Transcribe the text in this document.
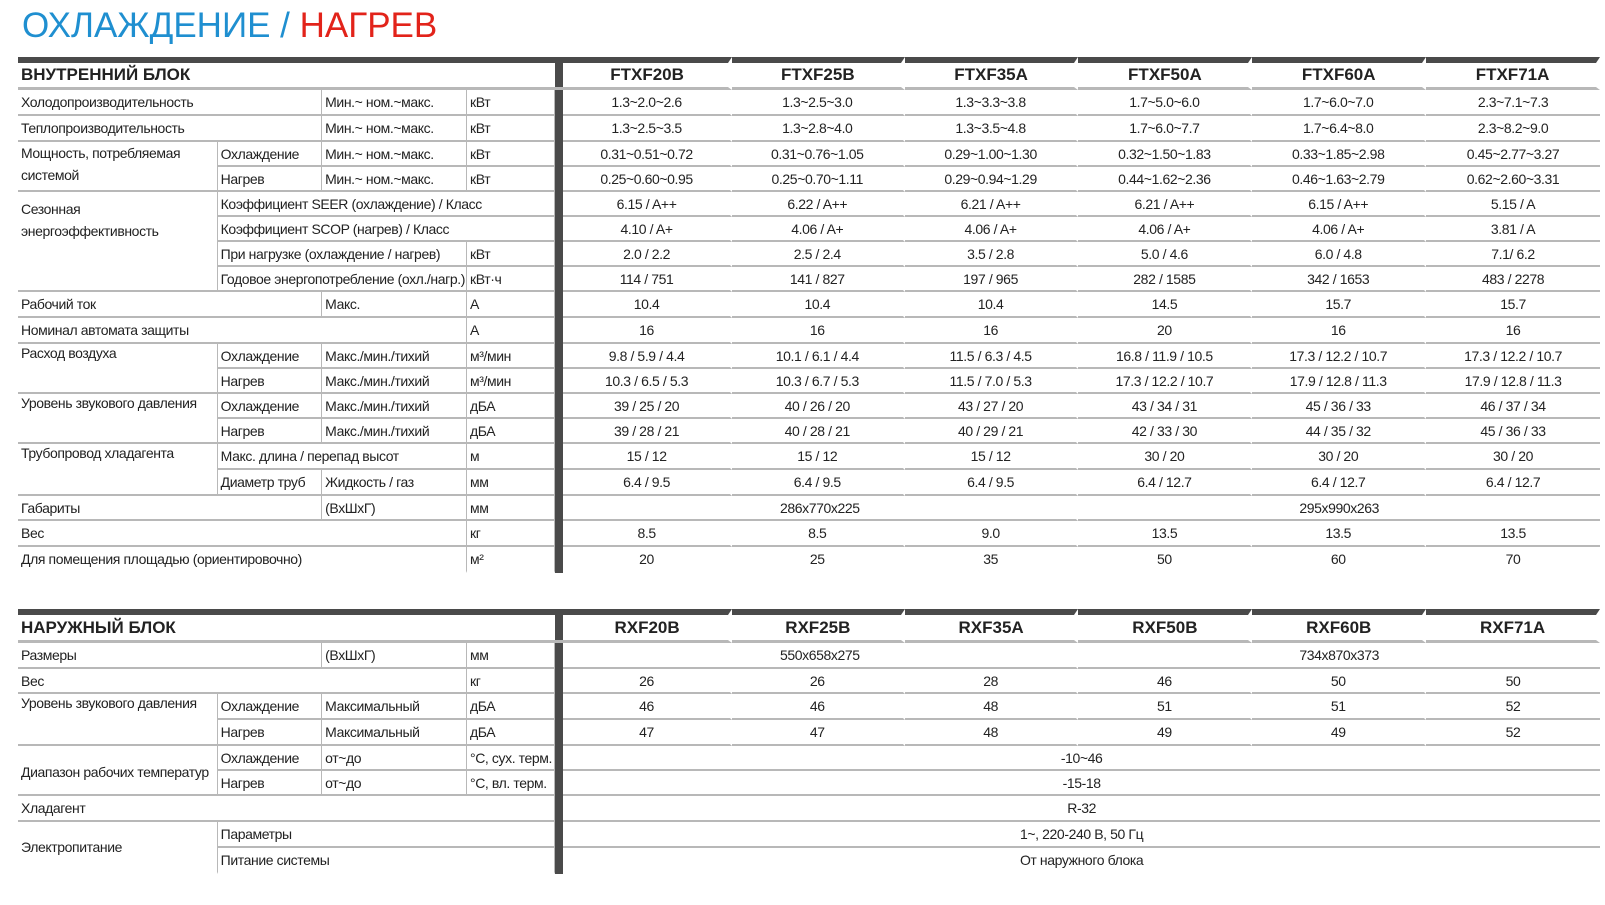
ОХЛАЖДЕНИЕ / НАГРЕВ
ВНУТРЕННИЙ БЛОК					FTXF20B	FTXF25B	FTXF35A	FTXF50A	FTXF60A	FTXF71A
Холодопроизводительность		Мин.~ ном.~макс.	кВт		1.3~2.0~2.6	1.3~2.5~3.0	1.3~3.3~3.8	1.7~5.0~6.0	1.7~6.0~7.0	2.3~7.1~7.3
Теплопроизводительность		Мин.~ ном.~макс.	кВт		1.3~2.5~3.5	1.3~2.8~4.0	1.3~3.5~4.8	1.7~6.0~7.7	1.7~6.4~8.0	2.3~8.2~9.0
Мощность, потребляемая системой	Охлаждение	Мин.~ ном.~макс.	кВт		0.31~0.51~0.72	0.31~0.76~1.05	0.29~1.00~1.30	0.32~1.50~1.83	0.33~1.85~2.98	0.45~2.77~3.27
	Нагрев	Мин.~ ном.~макс.	кВт		0.25~0.60~0.95	0.25~0.70~1.11	0.29~0.94~1.29	0.44~1.62~2.36	0.46~1.63~2.79	0.62~2.60~3.31
Сезонная энергоэффективность	Коэффициент SEER (охлаждение) / Класс				6.15 / A++	6.22 / A++	6.21 / A++	6.21 / A++	6.15 / A++	5.15 / A
	Коэффициент SCOP (нагрев) / Класс				4.10 / A+	4.06 / A+	4.06 / A+	4.06 / A+	4.06 / A+	3.81 / A
	При нагрузке (охлаждение / нагрев)		кВт		2.0 / 2.2	2.5 / 2.4	3.5 / 2.8	5.0 / 4.6	6.0 / 4.8	7.1/ 6.2
	Годовое энергопотребление (охл./нагр.)		кВт·ч		114 / 751	141 / 827	197 / 965	282 / 1585	342 / 1653	483 / 2278
Рабочий ток		Макс.	А		10.4	10.4	10.4	14.5	15.7	15.7
Номинал автомата защиты			А		16	16	16	20	16	16
Расход воздуха	Охлаждение	Макс./мин./тихий	м³/мин		9.8 / 5.9 / 4.4	10.1 / 6.1 / 4.4	11.5 / 6.3 / 4.5	16.8 / 11.9 / 10.5	17.3 / 12.2 / 10.7	17.3 / 12.2 / 10.7
	Нагрев	Макс./мин./тихий	м³/мин		10.3 / 6.5 / 5.3	10.3 / 6.7 / 5.3	11.5 / 7.0 / 5.3	17.3 / 12.2 / 10.7	17.9 / 12.8 / 11.3	17.9 / 12.8 / 11.3
Уровень звукового давления	Охлаждение	Макс./мин./тихий	дБА		39 / 25 / 20	40 / 26 / 20	43 / 27 / 20	43 / 34 / 31	45 / 36 / 33	46 / 37 / 34
	Нагрев	Макс./мин./тихий	дБА		39 / 28 / 21	40 / 28 / 21	40 / 29 / 21	42 / 33 / 30	44 / 35 / 32	45 / 36 / 33
Трубопровод хладагента	Макс. длина / перепад высот		м		15 / 12	15 / 12	15 / 12	30 / 20	30 / 20	30 / 20
	Диаметр труб	Жидкость / газ	мм		6.4 / 9.5	6.4 / 9.5	6.4 / 9.5	6.4 / 12.7	6.4 / 12.7	6.4 / 12.7
Габариты		(ВхШхГ)	мм		286x770x225			295x990x263		
Вес			кг		8.5	8.5	9.0	13.5	13.5	13.5
Для помещения площадью (ориентировочно)			м²		20	25	35	50	60	70
НАРУЖНЫЙ БЛОК					RXF20B	RXF25B	RXF35A	RXF50B	RXF60B	RXF71A
Размеры		(ВхШхГ)	мм		550x658x275			734x870x373		
Вес			кг		26	26	28	46	50	50
Уровень звукового давления	Охлаждение	Максимальный	дБА		46	46	48	51	51	52
	Нагрев	Максимальный	дБА		47	47	48	49	49	52
Диапазон рабочих температур	Охлаждение	от~до	°С, сух. терм.		-10~46					
	Нагрев	от~до	°С, вл. терм.		-15-18					
Хладагент					R-32					
Электропитание	Параметры				1~, 220-240 В, 50 Гц					
	Питание системы				От наружного блока					
